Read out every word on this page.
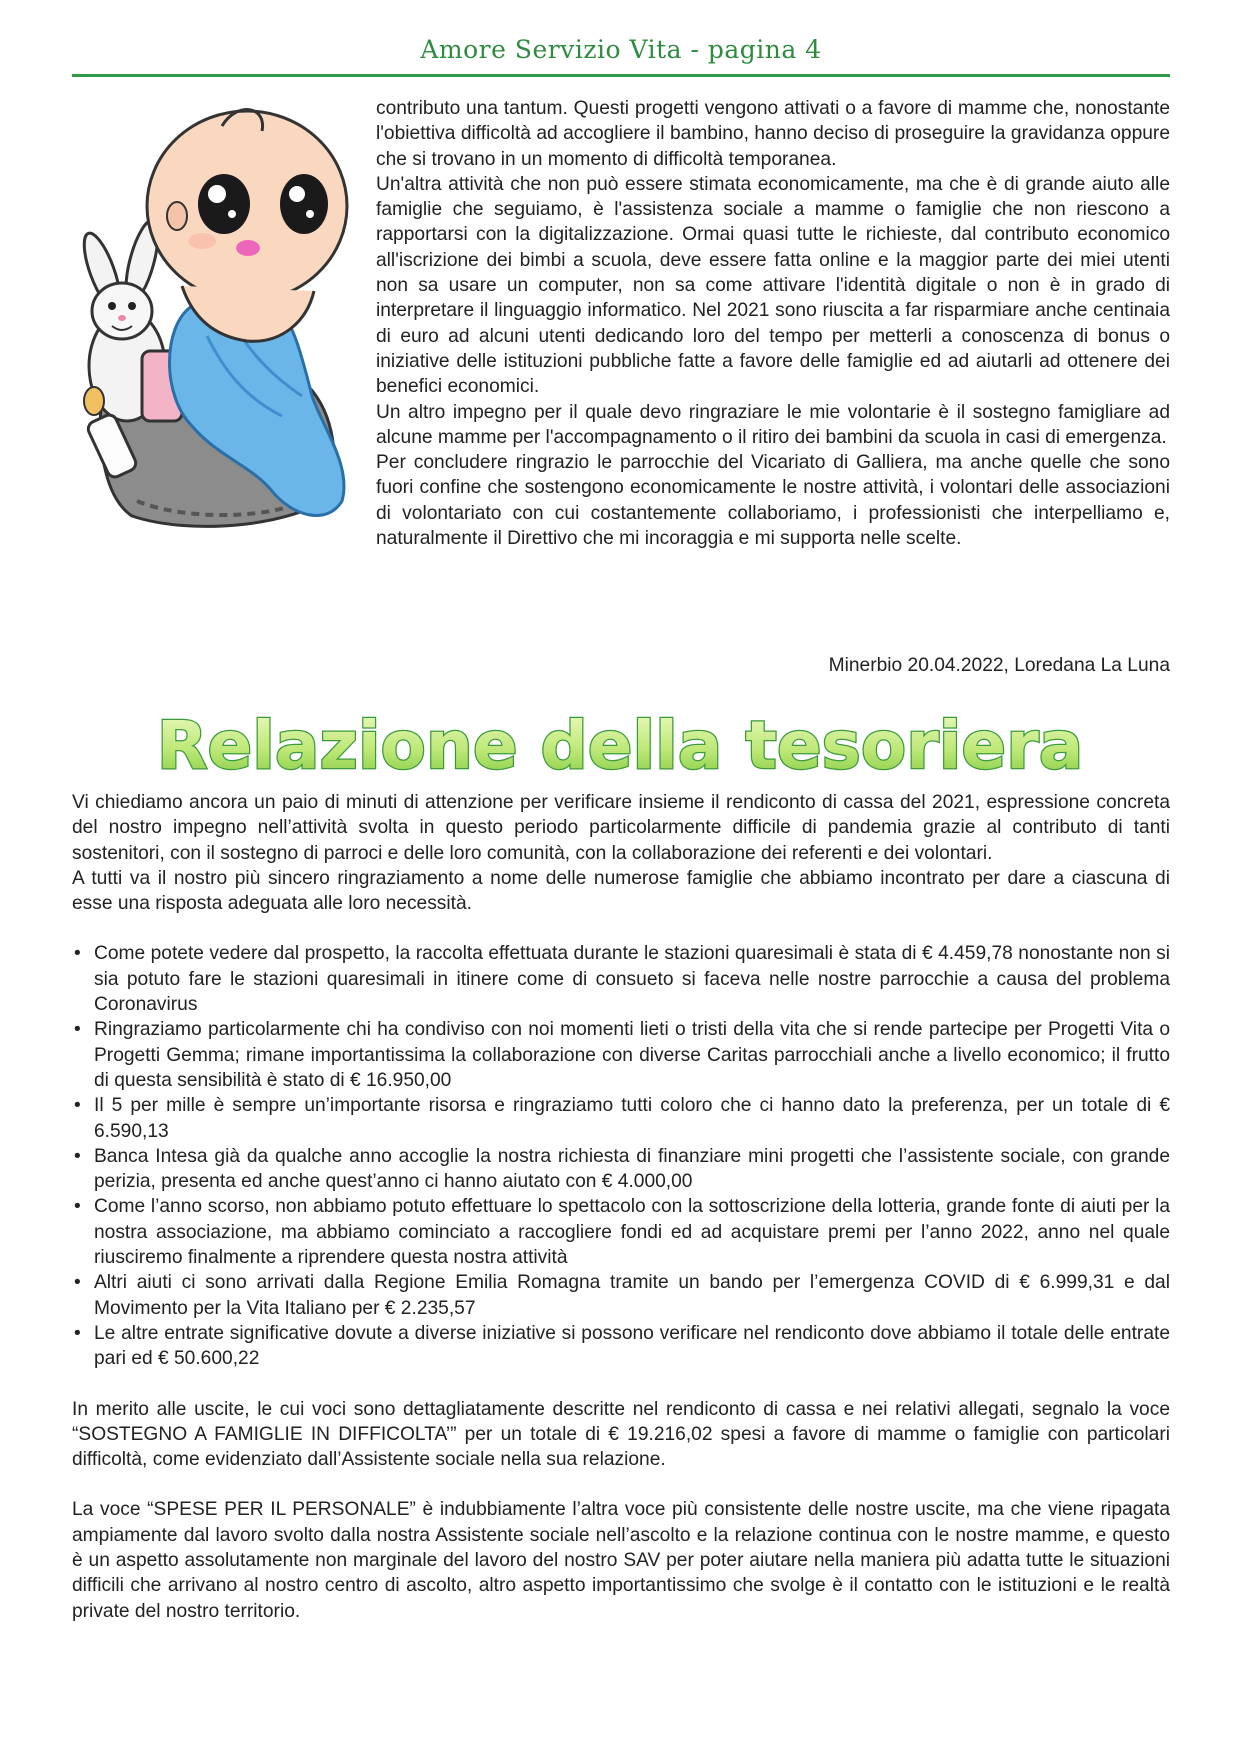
Amore Servizio Vita - pagina 4

contributo una tantum. Questi progetti vengono attivati o a favore di mamme che, nonostante l'obiettiva difficoltà ad accogliere il bambino, hanno deciso di proseguire la gravidanza oppure che si trovano in un momento di difficoltà temporanea.

Un'altra attività che non può essere stimata economicamente, ma che è di grande aiuto alle famiglie che seguiamo, è l'assistenza sociale a mamme o famiglie che non riescono a rapportarsi con la digitalizzazione. Ormai quasi tutte le richieste, dal contributo economico all'iscrizione dei bimbi a scuola, deve essere fatta online e la maggior parte dei miei utenti non sa usare un computer, non sa come attivare l'identità digitale o non è in grado di interpretare il linguaggio informatico. Nel 2021 sono riuscita a far risparmiare anche centinaia di euro ad alcuni utenti dedicando loro del tempo per metterli a conoscenza di bonus o iniziative delle istituzioni pubbliche fatte a favore delle famiglie ed ad aiutarli ad ottenere dei benefici economici.

Un altro impegno per il quale devo ringraziare le mie volontarie è il sostegno famigliare ad alcune mamme per l'accompagnamento o il ritiro dei bambini da scuola in casi di emergenza.

Per concludere ringrazio le parrocchie del Vicariato di Galliera, ma anche quelle che sono fuori confine che sostengono economicamente le nostre attività, i volontari delle associazioni di volontariato con cui costantemente collaboriamo, i professionisti che interpelliamo e, naturalmente il Direttivo che mi incoraggia e mi supporta nelle scelte.

Minerbio 20.04.2022, Loredana La Luna
Relazione della tesoriera

Vi chiediamo ancora un paio di minuti di attenzione per verificare insieme il rendiconto di cassa del 2021, espressione concreta del nostro impegno nell’attività svolta in questo periodo particolarmente difficile di pandemia grazie al contributo di tanti sostenitori, con il sostegno di parroci e delle loro comunità, con la collaborazione dei referenti e dei volontari.

A tutti va il nostro più sincero ringraziamento a nome delle numerose famiglie che abbiamo incontrato per dare a ciascuna di esse una risposta adeguata alle loro necessità.

• Come potete vedere dal prospetto, la raccolta effettuata durante le stazioni quaresimali è stata di € 4.459,78 nonostante non si sia potuto fare le stazioni quaresimali in itinere come di consueto si faceva nelle nostre parrocchie a causa del problema Coronavirus
• Ringraziamo particolarmente chi ha condiviso con noi momenti lieti o tristi della vita che si rende partecipe per Progetti Vita o Progetti Gemma; rimane importantissima la collaborazione con diverse Caritas parrocchiali anche a livello economico; il frutto di questa sensibilità è stato di € 16.950,00
• Il 5 per mille è sempre un’importante risorsa e ringraziamo tutti coloro che ci hanno dato la preferenza, per un totale di € 6.590,13
• Banca Intesa già da qualche anno accoglie la nostra richiesta di finanziare mini progetti che l’assistente sociale, con grande perizia, presenta ed anche quest’anno ci hanno aiutato con € 4.000,00
• Come l’anno scorso, non abbiamo potuto effettuare lo spettacolo con la sottoscrizione della lotteria, grande fonte di aiuti per la nostra associazione, ma abbiamo cominciato a raccogliere fondi ed ad acquistare premi per l’anno 2022, anno nel quale riusciremo finalmente a riprendere questa nostra attività
• Altri aiuti ci sono arrivati dalla Regione Emilia Romagna tramite un bando per l’emergenza COVID di € 6.999,31 e dal Movimento per la Vita Italiano per € 2.235,57
• Le altre entrate significative dovute a diverse iniziative si possono verificare nel rendiconto dove abbiamo il totale delle entrate pari ed € 50.600,22

In merito alle uscite, le cui voci sono dettagliatamente descritte nel rendiconto di cassa e nei relativi allegati, segnalo la voce “SOSTEGNO A FAMIGLIE IN DIFFICOLTA’” per un totale di € 19.216,02 spesi a favore di mamme o famiglie con particolari difficoltà, come evidenziato dall’Assistente sociale nella sua relazione.

La voce “SPESE PER IL PERSONALE” è indubbiamente l’altra voce più consistente delle nostre uscite, ma che viene ripagata ampiamente dal lavoro svolto dalla nostra Assistente sociale nell’ascolto e la relazione continua con le nostre mamme, e questo è un aspetto assolutamente non marginale del lavoro del nostro SAV per poter aiutare nella maniera più adatta tutte le situazioni difficili che arrivano al nostro centro di ascolto, altro aspetto importantissimo che svolge è il contatto con le istituzioni e le realtà private del nostro territorio.
